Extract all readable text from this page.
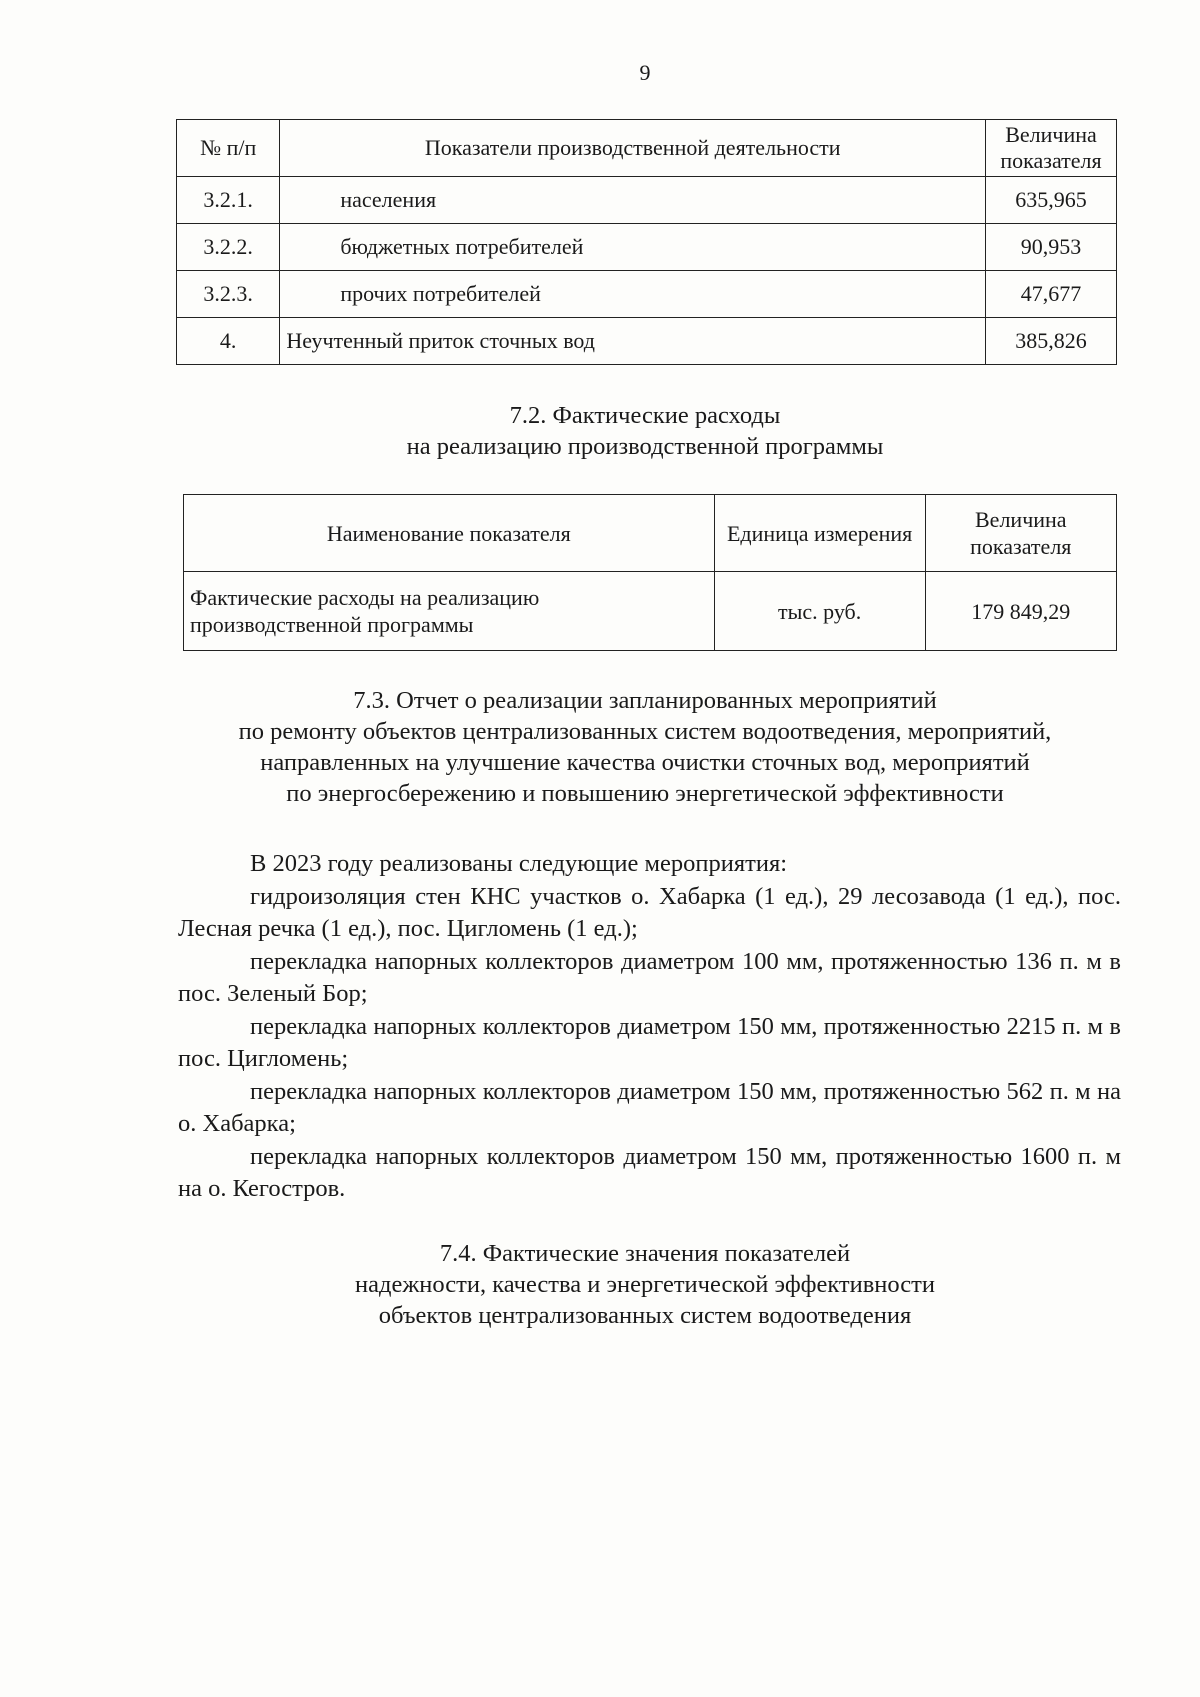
9
№ п/п	Показатели производственной деятельности	Величина показателя
3.2.1.	населения	635,965
3.2.2.	бюджетных потребителей	90,953
3.2.3.	прочих потребителей	47,677
4.	Неучтенный приток сточных вод	385,826
7.2. Фактические расходы
на реализацию производственной программы
Наименование показателя	Единица измерения	Величина показателя
Фактические расходы на реализацию производственной программы	тыс. руб.	179 849,29
7.3. Отчет о реализации запланированных мероприятий
по ремонту объектов централизованных систем водоотведения, мероприятий,
направленных на улучшение качества очистки сточных вод, мероприятий
по энергосбережению и повышению энергетической эффективности

В 2023 году реализованы следующие мероприятия:

гидроизоляция стен КНС участков о. Хабарка (1 ед.), 29 лесозавода (1 ед.), пос. Лесная речка (1 ед.), пос. Цигломень (1 ед.);

перекладка напорных коллекторов диаметром 100 мм, протяженностью 136 п. м в пос. Зеленый Бор;

перекладка напорных коллекторов диаметром 150 мм, протяженностью 2215 п. м в пос. Цигломень;

перекладка напорных коллекторов диаметром 150 мм, протяженностью 562 п. м на о. Хабарка;

перекладка напорных коллекторов диаметром 150 мм, протяженностью 1600 п. м на о. Кегостров.

7.4. Фактические значения показателей
надежности, качества и энергетической эффективности
объектов централизованных систем водоотведения
